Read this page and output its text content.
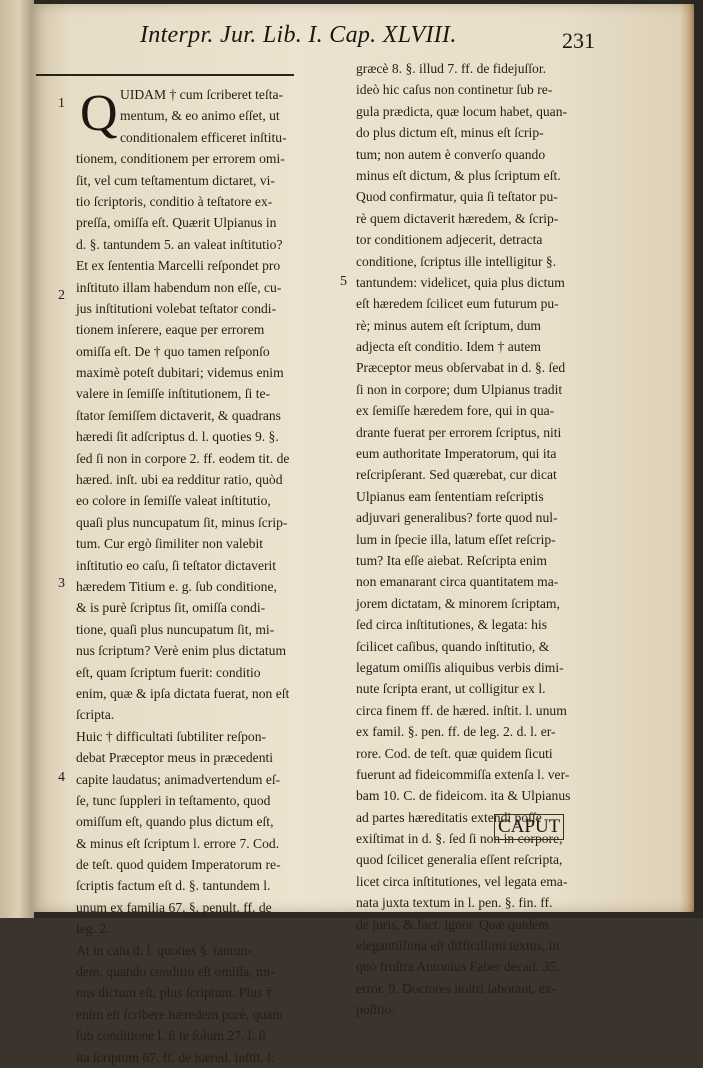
Interpr. Jur. Lib. I. Cap. XLVIII.	231
1
2
3
4
5
Q UIDAM † cum ſcriberet teſta-
mentum, & eo animo eſſet, ut
conditionalem efficeret inſtitu-
tionem, conditionem per errorem omi-
ſit, vel cum teſtamentum dictaret, vi-
tio ſcriptoris, conditio à teſtatore ex-
preſſa, omiſſa eſt. Quærit Ulpianus in
d. §. tantundem 5. an valeat inſtitutio?
Et ex ſententia Marcelli reſpondet pro
inſtituto illam habendum non eſſe, cu-
jus inſtitutioni volebat teſtator condi-
tionem inſerere, eaque per errorem
omiſſa eſt. De † quo tamen reſponſo
maximè poteſt dubitari; videmus enim
valere in ſemiſſe inſtitutionem, ſi te-
ſtator ſemiſſem dictaverit, & quadrans
hæredi ſit adſcriptus d. l. quoties 9. §.
ſed ſi non in corpore 2. ff. eodem tit. de
hæred. inſt. ubi ea redditur ratio, quòd
eo colore in ſemiſſe valeat inſtitutio,
quaſi plus nuncupatum ſit, minus ſcrip-
tum. Cur ergò ſimiliter non valebit
inſtitutio eo caſu, ſi teſtator dictaverit
hæredem Titium e. g. ſub conditione,
& is purè ſcriptus ſit, omiſſa condi-
tione, quaſi plus nuncupatum ſit, mi-
nus ſcriptum? Verè enim plus dictatum
eſt, quam ſcriptum fuerit: conditio
enim, quæ & ipſa dictata fuerat, non eſt
ſcripta.
Huic † difficultati ſubtiliter reſpon-
debat Præceptor meus in præcedenti
capite laudatus; animadvertendum eſ-
ſe, tunc ſuppleri in teſtamento, quod
omiſſum eſt, quando plus dictum eſt,
& minus eſt ſcriptum l. errore 7. Cod.
de teſt. quod quidem Imperatorum re-
ſcriptis factum eſt d. §. tantundem l.
unum ex familia 67. §. penult. ff. de
leg. 2.
At in caſu d. l. quoties §. tantun-
dem, quando conditio eſt omiſſa, mi-
nus dictum eſt, plus ſcriptum. Plus †
enim eſt ſcribere hæredem purè, quam
ſub conditione l. ſi te ſolum 27. l. ſi
ita ſcriptum 67. ff. de hæred. inſtit. l.
græcè 8. §. illud 7. ff. de fidejuſſor.
ideò hic caſus non continetur ſub re-
gula prædicta, quæ locum habet, quan-
do plus dictum eſt, minus eſt ſcrip-
tum; non autem è converſo quando
minus eſt dictum, & plus ſcriptum eſt.
Quod confirmatur, quia ſi teſtator pu-
rè quem dictaverit hæredem, & ſcrip-
tor conditionem adjecerit, detracta
conditione, ſcriptus ille intelligitur §.
tantundem: videlicet, quia plus dictum
eſt hæredem ſcilicet eum futurum pu-
rè; minus autem eſt ſcriptum, dum
adjecta eſt conditio. Idem † autem
Præceptor meus obſervabat in d. §. ſed
ſi non in corpore; dum Ulpianus tradit
ex ſemiſſe hæredem fore, qui in qua-
drante fuerat per errorem ſcriptus, niti
eum authoritate Imperatorum, qui ita
reſcripſerant. Sed quærebat, cur dicat
Ulpianus eam ſententiam reſcriptis
adjuvari generalibus? forte quod nul-
lum in ſpecie illa, latum eſſet reſcrip-
tum? Ita eſſe aiebat. Reſcripta enim
non emanarant circa quantitatem ma-
jorem dictatam, & minorem ſcriptam,
ſed circa inſtitutiones, & legata: his
ſcilicet caſibus, quando inſtitutio, &
legatum omiſſis aliquibus verbis dimi-
nute ſcripta erant, ut colligitur ex l.
circa finem ff. de hæred. inſtit. l. unum
ex famil. §. pen. ff. de leg. 2. d. l. er-
rore. Cod. de teſt. quæ quidem ſicuti
fuerunt ad fideicommiſſa extenſa l. ver-
bam 10. C. de fideicom. ita & Ulpianus
ad partes hæreditatis extendi poſſe
exiſtimat in d. §. ſed ſi non in corpore,
quod ſcilicet generalia eſſent reſcripta,
licet circa inſtitutiones, vel legata ema-
nata juxta textum in l. pen. §. fin. ff.
de juris, & fact. ignor. Quæ quidem
elegantiſſima eſt difficillimi textus, in
quo fruſtra Antonius Faber decad. 35.
error. 9. Doctores noſtri laborant, ex-
poſitio.
CAPUT
